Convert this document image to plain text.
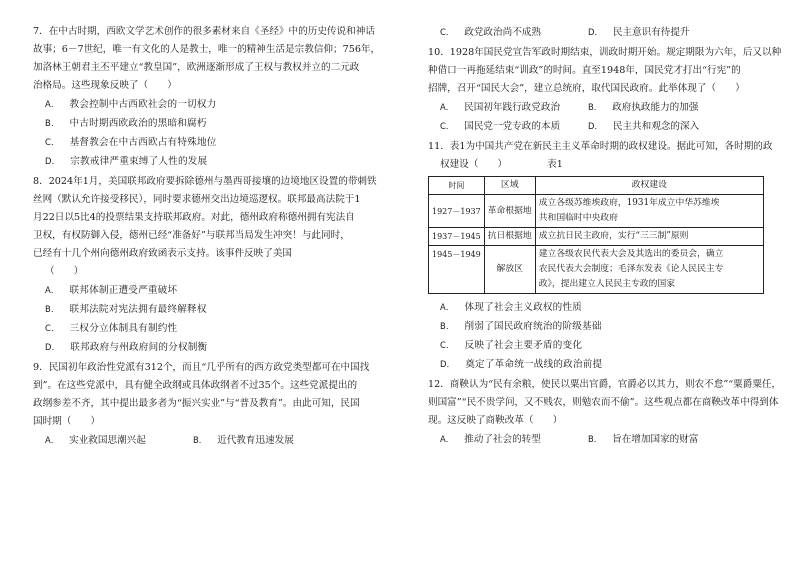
7．在中古时期，西欧文学艺术创作的很多素材来自《圣经》中的历史传说和神话

故事；6－7世纪，唯一有文化的人是教士，唯一的精神生活是宗教信仰；756年，

加洛林王朝君主丕平建立“教皇国”，欧洲逐渐形成了王权与教权并立的二元政

治格局。这些现象反映了（　　）

A． 教会控制中古西欧社会的一切权力
B． 中古时期西欧政治的黑暗和腐朽
C． 基督教会在中古西欧占有特殊地位
D． 宗教戒律严重束缚了人性的发展

8．2024年1月，美国联邦政府要拆除德州与墨西哥接壤的边境地区设置的带刺铁

丝网（默认允许接受移民），同时要求德州交出边境巡逻权。联邦最高法院于1

月22日以5比4的投票结果支持联邦政府。对此，德州政府称德州拥有宪法自

卫权，有权防御入侵，德州已经“准备好”与联邦当局发生冲突！与此同时，

已经有十几个州向德州政府致函表示支持。该事件反映了美国

（　　）

A． 联邦体制正遭受严重破坏
B． 联邦法院对宪法拥有最终解释权
C． 三权分立体制具有制约性
D． 联邦政府与州政府间的分权制衡

9．民国初年政治性党派有312个，而且“几乎所有的西方政党类型都可在中国找

到”。在这些党派中，具有健全政纲或具体政纲者不过35个。这些党派提出的

政纲参差不齐，其中提出最多者为“振兴实业”与“普及教育”。由此可知，民国

国时期（　　）

A． 实业救国思潮兴起	B． 近代教育迅速发展
C． 政党政治尚不成熟	D． 民主意识有待提升

10．1928年国民党宣告军政时期结束，训政时期开始。规定期限为六年，后又以种

种借口一再拖延结束“训政”的时间。直至1948年，国民党才打出“行宪”的

招牌，召开“国民大会”，建立总统府，取代国民政府。此举体现了（　　）

A． 民国初年践行政党政治	B． 政府执政能力的加强
C． 国民党一党专政的本质	D． 民主共和观念的深入

11．表1为中国共产党在新民主主义革命时期的政权建设。据此可知，各时期的政

权建设（　　）	表1
时间	区域	政权建设
1927－1937	革命根据地	成立各级苏维埃政府，1931年成立中华苏维埃
共和国临时中央政府

1937－1945	抗日根据地	成立抗日民主政府，实行“三三制”原则

1945－1949	解放区	建立各级农民代表大会及其选出的委员会，确立
农民代表大会制度；毛泽东发表《论人民民主专
政》，提出建立人民民主专政的国家
A． 体现了社会主义政权的性质
B． 削弱了国民政府统治的阶级基础
C． 反映了社会主要矛盾的变化
D． 奠定了革命统一战线的政治前提

12．商鞅认为“民有余粮，使民以粟出官爵，官爵必以其力，则农不怠”“粟爵粟任，

则国富”“民不贵学问，又不贱农，则勉农而不偷”。这些观点都在商鞅改革中得到体

现。这反映了商鞅改革（　　）

A． 推动了社会的转型	B． 旨在增加国家的财富
